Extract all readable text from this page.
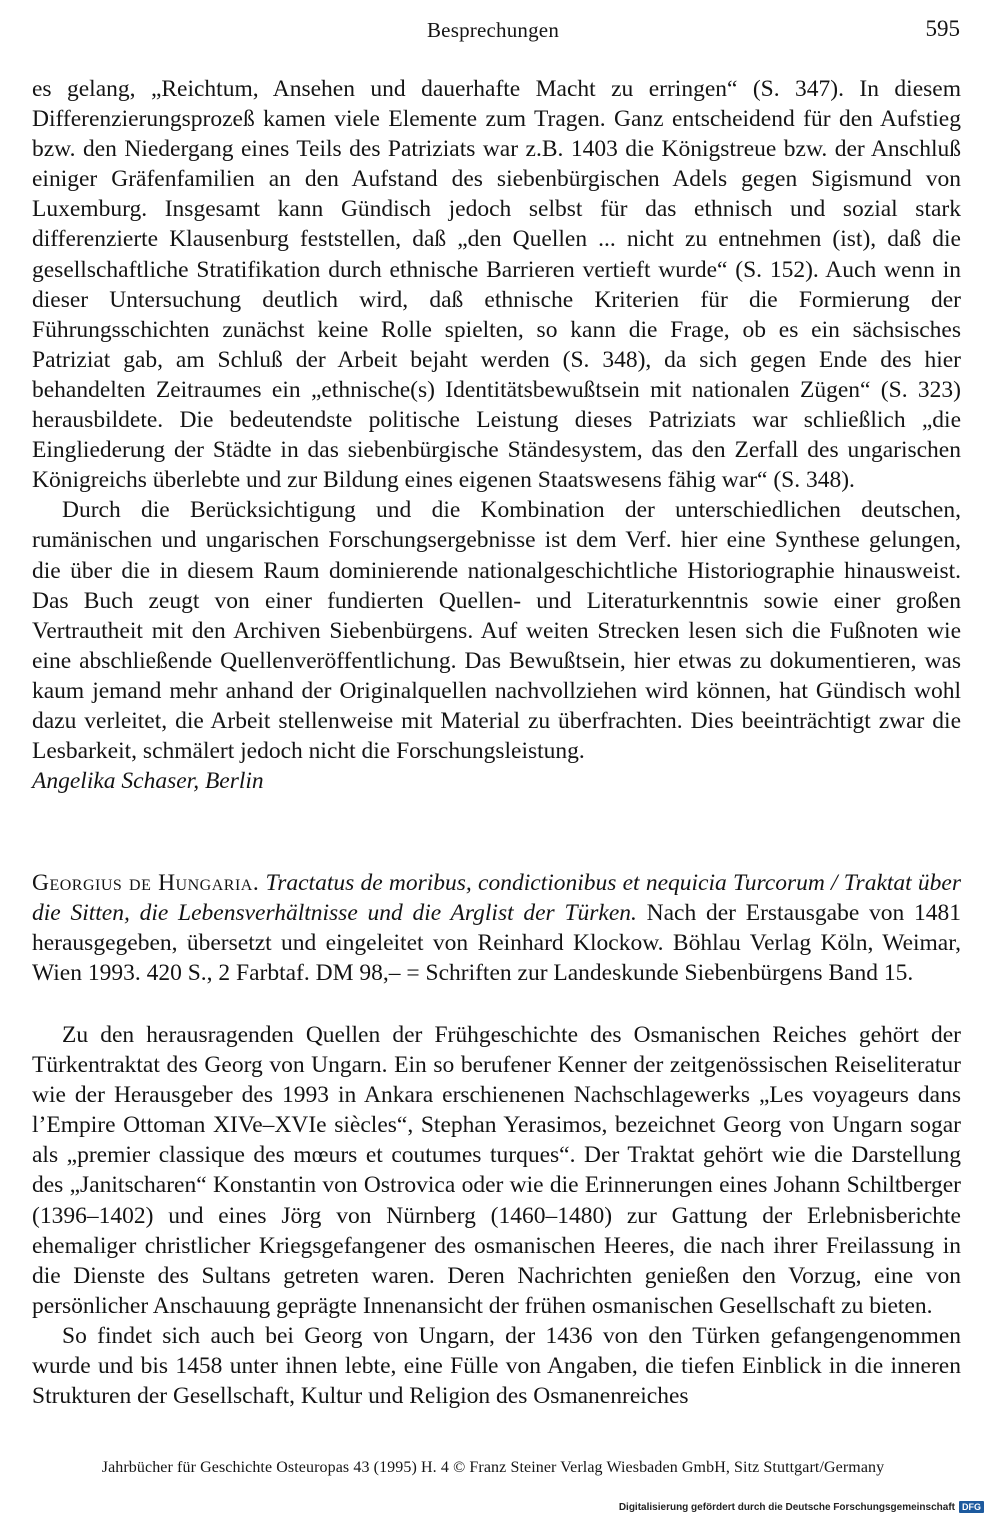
Besprechungen	595

es gelang, „Reichtum, Ansehen und dauerhafte Macht zu erringen“ (S. 347). In diesem Differenzierungsprozeß kamen viele Elemente zum Tragen. Ganz entscheidend für den Aufstieg bzw. den Niedergang eines Teils des Patriziats war z.B. 1403 die Königstreue bzw. der Anschluß einiger Gräfenfamilien an den Aufstand des siebenbürgischen Adels gegen Sigismund von Luxemburg. Insgesamt kann Gündisch jedoch selbst für das ethnisch und sozial stark differenzierte Klausenburg feststellen, daß „den Quellen ... nicht zu entnehmen (ist), daß die gesellschaftliche Stratifikation durch ethnische Barrieren vertieft wurde“ (S. 152). Auch wenn in dieser Untersuchung deutlich wird, daß ethnische Kriterien für die Formierung der Führungsschichten zunächst keine Rolle spielten, so kann die Frage, ob es ein sächsisches Patriziat gab, am Schluß der Arbeit bejaht werden (S. 348), da sich gegen Ende des hier behandelten Zeitraumes ein „ethnische(s) Identitätsbewußtsein mit nationalen Zügen“ (S. 323) herausbildete. Die bedeutendste politische Leistung dieses Patriziats war schließlich „die Eingliederung der Städte in das siebenbürgische Ständesystem, das den Zerfall des ungarischen Königreichs überlebte und zur Bildung eines eigenen Staatswesens fähig war“ (S. 348).

Durch die Berücksichtigung und die Kombination der unterschiedlichen deutschen, rumänischen und ungarischen Forschungsergebnisse ist dem Verf. hier eine Synthese gelungen, die über die in diesem Raum dominierende nationalgeschichtliche Historiographie hinausweist. Das Buch zeugt von einer fundierten Quellen- und Literaturkenntnis sowie einer großen Vertrautheit mit den Archiven Siebenbürgens. Auf weiten Strecken lesen sich die Fußnoten wie eine abschließende Quellenveröffentlichung. Das Bewußtsein, hier etwas zu dokumentieren, was kaum jemand mehr anhand der Originalquellen nachvollziehen wird können, hat Gündisch wohl dazu verleitet, die Arbeit stellenweise mit Material zu überfrachten. Dies beeinträchtigt zwar die Lesbarkeit, schmälert jedoch nicht die Forschungsleistung.

Angelika Schaser, Berlin

Georgius de Hungaria. Tractatus de moribus, condictionibus et nequicia Turcorum / Traktat über die Sitten, die Lebensverhältnisse und die Arglist der Türken. Nach der Erstausgabe von 1481 herausgegeben, übersetzt und eingeleitet von Reinhard Klockow. Böhlau Verlag Köln, Weimar, Wien 1993. 420 S., 2 Farbtaf. DM 98,– = Schriften zur Landeskunde Siebenbürgens Band 15.

Zu den herausragenden Quellen der Frühgeschichte des Osmanischen Reiches gehört der Türkentraktat des Georg von Ungarn. Ein so berufener Kenner der zeitgenössischen Reiseliteratur wie der Herausgeber des 1993 in Ankara erschienenen Nachschlagewerks „Les voyageurs dans l’Empire Ottoman XIVe–XVIe siècles“, Stephan Yerasimos, bezeichnet Georg von Ungarn sogar als „premier classique des mœurs et coutumes turques“. Der Traktat gehört wie die Darstellung des „Janitscharen“ Konstantin von Ostrovica oder wie die Erinnerungen eines Johann Schiltberger (1396–1402) und eines Jörg von Nürnberg (1460–1480) zur Gattung der Erlebnisberichte ehemaliger christlicher Kriegsgefangener des osmanischen Heeres, die nach ihrer Freilassung in die Dienste des Sultans getreten waren. Deren Nachrichten genießen den Vorzug, eine von persönlicher Anschauung geprägte Innenansicht der frühen osmanischen Gesellschaft zu bieten.

So findet sich auch bei Georg von Ungarn, der 1436 von den Türken gefangengenommen wurde und bis 1458 unter ihnen lebte, eine Fülle von Angaben, die tiefen Einblick in die inneren Strukturen der Gesellschaft, Kultur und Religion des Osmanenreiches

Jahrbücher für Geschichte Osteuropas 43 (1995) H. 4 © Franz Steiner Verlag Wiesbaden GmbH, Sitz Stuttgart/Germany
Digitalisierung gefördert durch die Deutsche Forschungsgemeinschaft DFG
